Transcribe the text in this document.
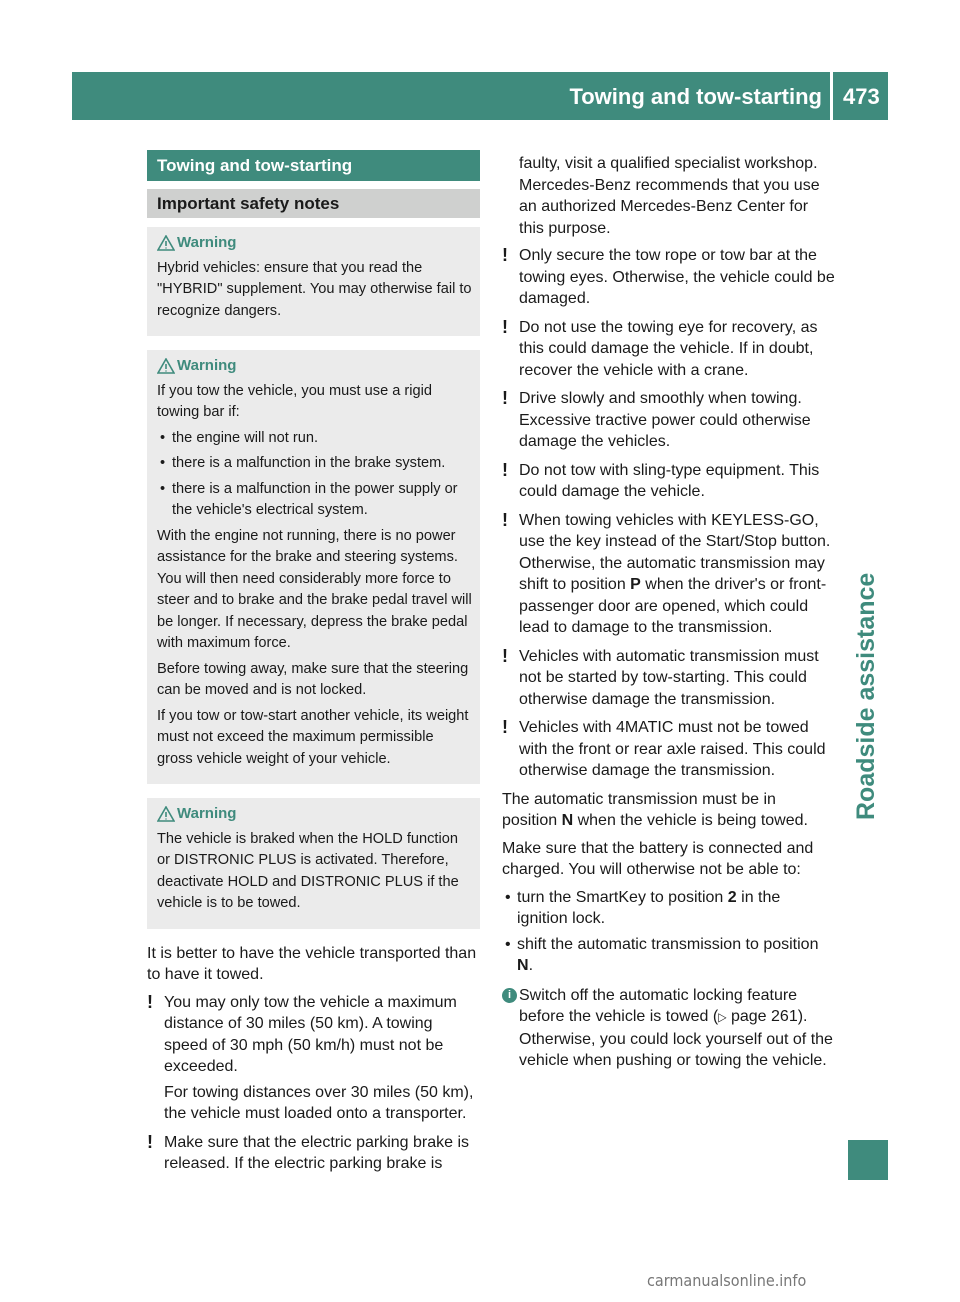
Towing and tow-starting 473
Roadside assistance
Towing and tow-starting
Important safety notes
Warning

Hybrid vehicles: ensure that you read the "HYBRID" supplement. You may otherwise fail to recognize dangers.

Warning

If you tow the vehicle, you must use a rigid towing bar if:

• the engine will not run.

• there is a malfunction in the brake system.

• there is a malfunction in the power supply or the vehicle's electrical system.

With the engine not running, there is no power assistance for the brake and steering systems. You will then need considerably more force to steer and to brake and the brake pedal travel will be longer. If necessary, depress the brake pedal with maximum force.

Before towing away, make sure that the steering can be moved and is not locked.

If you tow or tow-start another vehicle, its weight must not exceed the maximum permissible gross vehicle weight of your vehicle.

Warning

The vehicle is braked when the HOLD function or DISTRONIC PLUS is activated. Therefore, deactivate HOLD and DISTRONIC PLUS if the vehicle is to be towed.

It is better to have the vehicle transported than to have it towed.

! You may only tow the vehicle a maximum distance of 30 miles (50 km). A towing speed of 30 mph (50 km/h) must not be exceeded.
For towing distances over 30 miles (50 km), the vehicle must loaded onto a transporter.
! Make sure that the electric parking brake is released. If the electric parking brake is

faulty, visit a qualified specialist workshop. Mercedes-Benz recommends that you use an authorized Mercedes-Benz Center for this purpose.

! Only secure the tow rope or tow bar at the towing eyes. Otherwise, the vehicle could be damaged.
! Do not use the towing eye for recovery, as this could damage the vehicle. If in doubt, recover the vehicle with a crane.
! Drive slowly and smoothly when towing. Excessive tractive power could otherwise damage the vehicles.
! Do not tow with sling-type equipment. This could damage the vehicle.
! When towing vehicles with KEYLESS-GO, use the key instead of the Start/Stop button. Otherwise, the automatic transmission may shift to position P when the driver's or front-passenger door are opened, which could lead to damage to the transmission.
! Vehicles with automatic transmission must not be started by tow-starting. This could otherwise damage the transmission.
! Vehicles with 4MATIC must not be towed with the front or rear axle raised. This could otherwise damage the transmission.

The automatic transmission must be in position N when the vehicle is being towed.

Make sure that the battery is connected and charged. You will otherwise not be able to:

• turn the SmartKey to position 2 in the ignition lock.

• shift the automatic transmission to position N.

i Switch off the automatic locking feature before the vehicle is towed (▷ page 261). Otherwise, you could lock yourself out of the vehicle when pushing or towing the vehicle.
carmanualsonline.info
